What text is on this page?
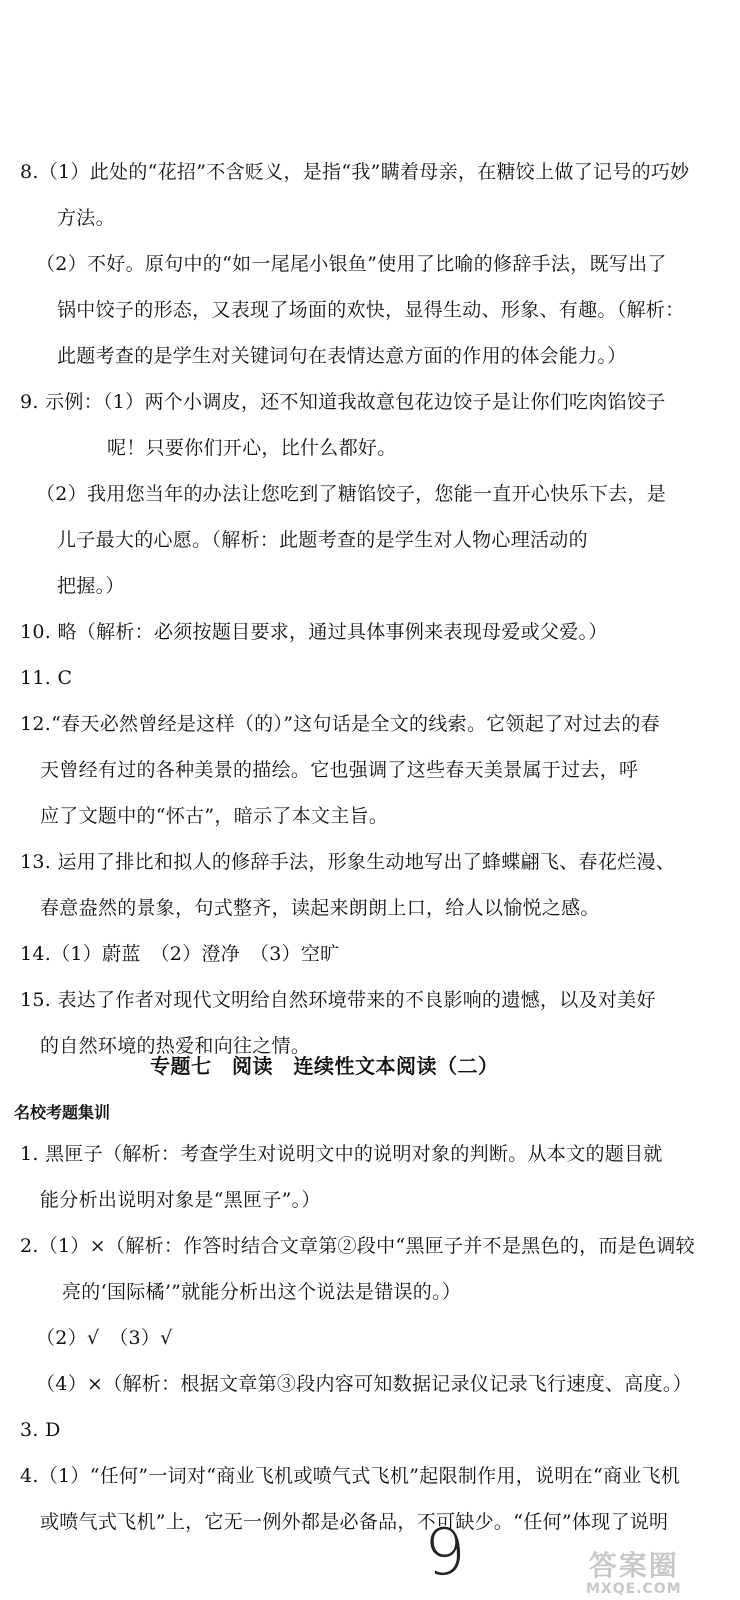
8.（1）此处的“花招”不含贬义，是指“我”瞒着母亲，在糖饺上做了记号的巧妙
方法。
（2）不好。原句中的“如一尾尾小银鱼”使用了比喻的修辞手法，既写出了
锅中饺子的形态，又表现了场面的欢快，显得生动、形象、有趣。（解析：
此题考查的是学生对关键词句在表情达意方面的作用的体会能力。）
9. 示例：（1）两个小调皮，还不知道我故意包花边饺子是让你们吃肉馅饺子
呢！只要你们开心，比什么都好。
（2）我用您当年的办法让您吃到了糖馅饺子，您能一直开心快乐下去，是
儿子最大的心愿。（解析：此题考查的是学生对人物心理活动的
把握。）
10. 略（解析：必须按题目要求，通过具体事例来表现母爱或父爱。）
11. C
12.“春天必然曾经是这样（的）”这句话是全文的线索。它领起了对过去的春
天曾经有过的各种美景的描绘。它也强调了这些春天美景属于过去，呼
应了文题中的“怀古”，暗示了本文主旨。
13. 运用了排比和拟人的修辞手法，形象生动地写出了蜂蝶翩飞、春花烂漫、
春意盎然的景象，句式整齐，读起来朗朗上口，给人以愉悦之感。
14.（1）蔚蓝　（2）澄净　（3）空旷
15. 表达了作者对现代文明给自然环境带来的不良影响的遗憾，以及对美好
的自然环境的热爱和向往之情。
专题七　阅读　连续性文本阅读（二）
名校考题集训
1. 黑匣子（解析：考查学生对说明文中的说明对象的判断。从本文的题目就
能分析出说明对象是“黑匣子”。）
2.（1）×（解析：作答时结合文章第②段中“黑匣子并不是黑色的，而是色调较
亮的‘国际橘’”就能分析出这个说法是错误的。）
（2）√　（3）√
（4）×（解析：根据文章第③段内容可知数据记录仪记录飞行速度、高度。）
3. D
4.（1）“任何”一词对“商业飞机或喷气式飞机”起限制作用，说明在“商业飞机
或喷气式飞机”上，它无一例外都是必备品，不可缺少。“任何”体现了说明
9	答案圈
MXQE.COM
